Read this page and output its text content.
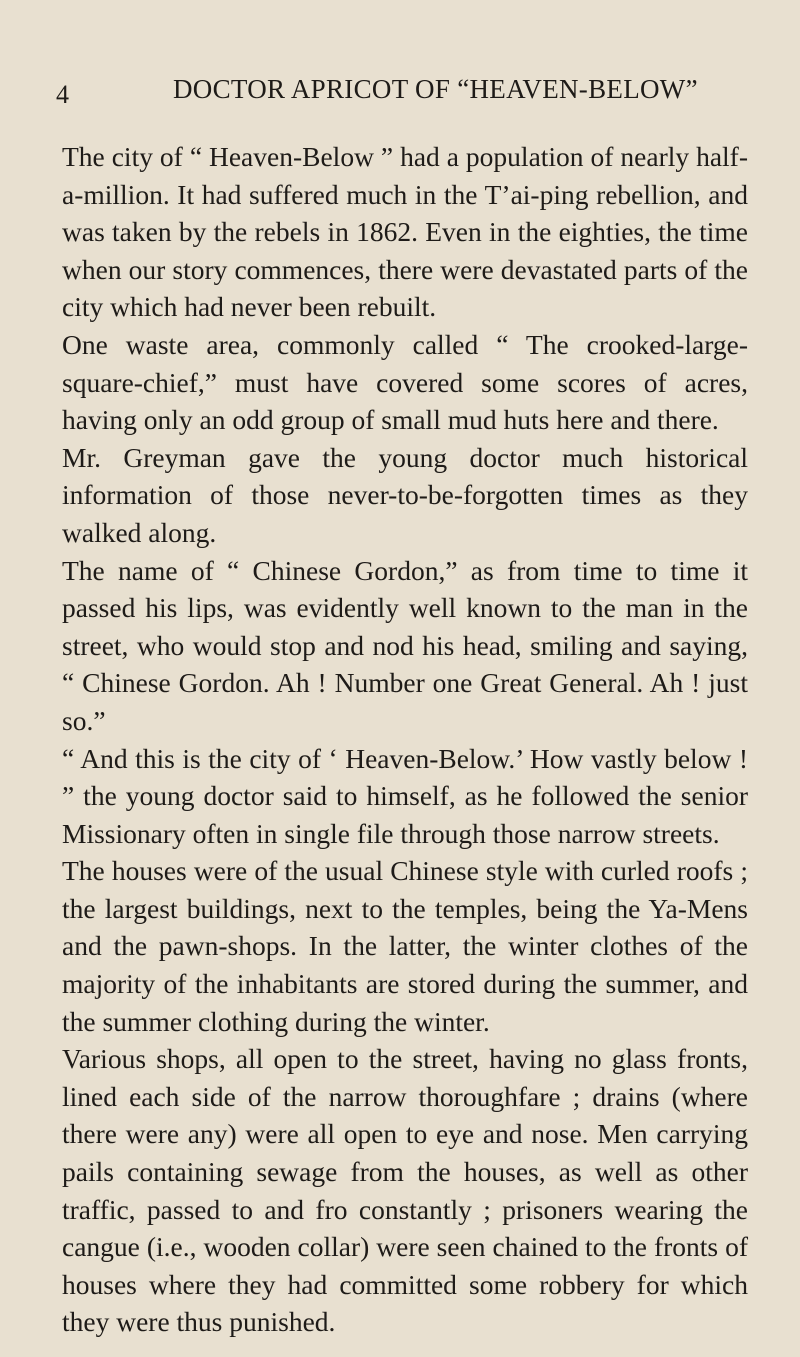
4	DOCTOR APRICOT OF “HEAVEN-BELOW”

The city of “ Heaven-Below ” had a population of nearly half-a-million. It had suffered much in the T’ai-ping rebellion, and was taken by the rebels in 1862. Even in the eighties, the time when our story commences, there were devastated parts of the city which had never been rebuilt.

One waste area, commonly called “ The crooked-large-square-chief,” must have covered some scores of acres, having only an odd group of small mud huts here and there.

Mr. Greyman gave the young doctor much historical information of those never-to-be-forgotten times as they walked along.

The name of “ Chinese Gordon,” as from time to time it passed his lips, was evidently well known to the man in the street, who would stop and nod his head, smiling and saying, “ Chinese Gordon. Ah ! Number one Great General. Ah ! just so.”

“ And this is the city of ‘ Heaven-Below.’ How vastly below ! ” the young doctor said to himself, as he followed the senior Missionary often in single file through those narrow streets.

The houses were of the usual Chinese style with curled roofs ; the largest buildings, next to the temples, being the Ya-Mens and the pawn-shops. In the latter, the winter clothes of the majority of the inhabitants are stored during the summer, and the summer clothing during the winter.

Various shops, all open to the street, having no glass fronts, lined each side of the narrow thoroughfare ; drains (where there were any) were all open to eye and nose. Men carrying pails containing sewage from the houses, as well as other traffic, passed to and fro constantly ; prisoners wearing the cangue (i.e., wooden collar) were seen chained to the fronts of houses where they had committed some robbery for which they were thus punished.
